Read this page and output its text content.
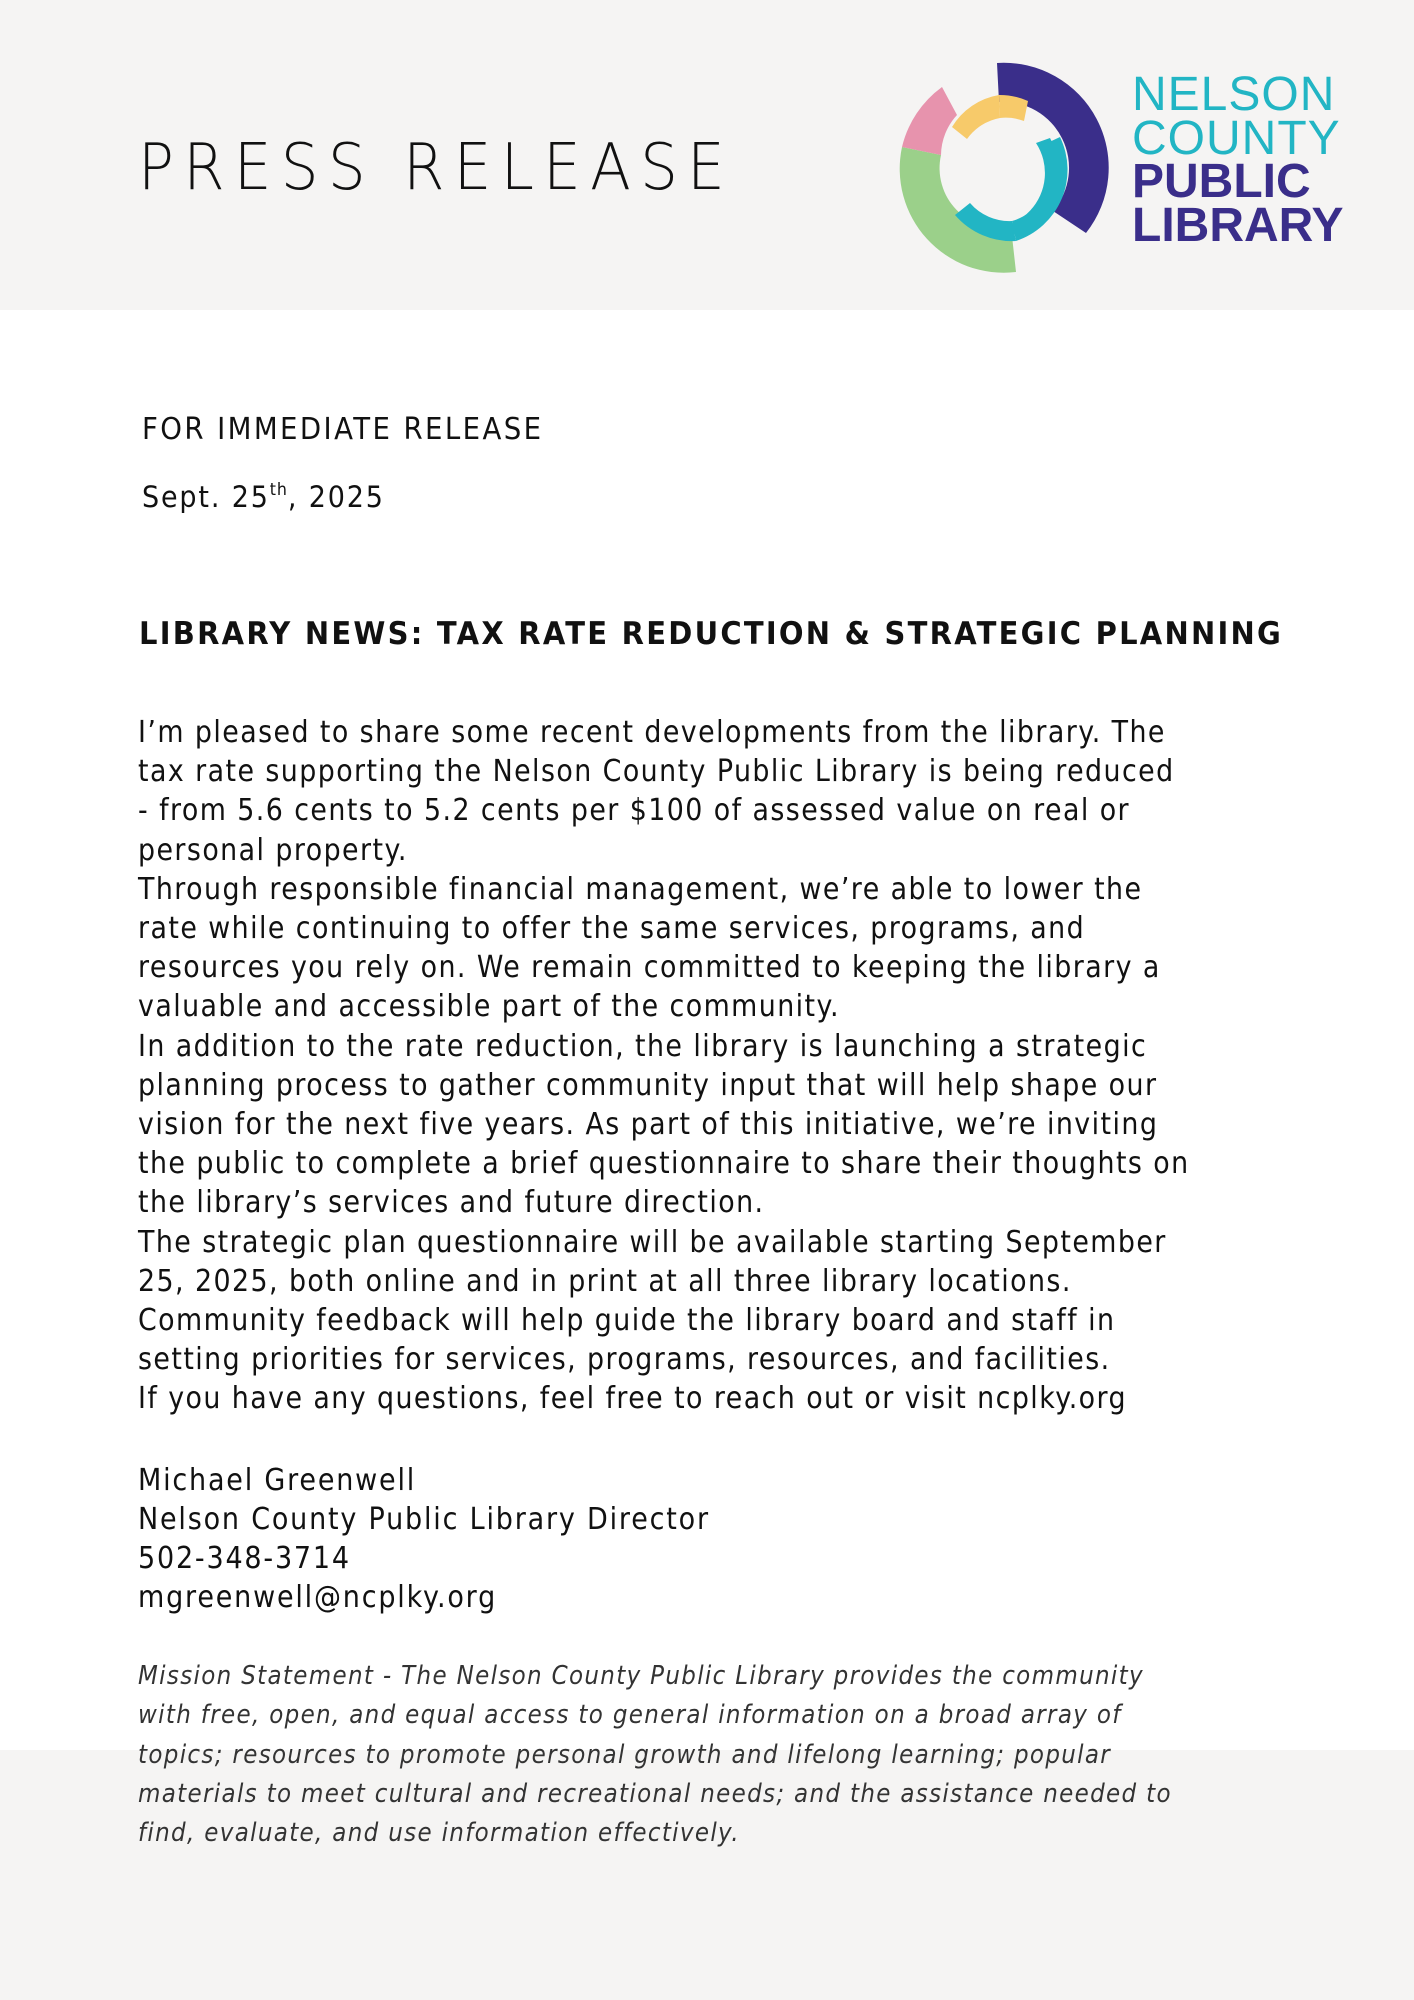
PRESS RELEASE
NELSON
COUNTY
PUBLIC
LIBRARY
FOR IMMEDIATE RELEASE
Sept. 25th, 2025
LIBRARY NEWS: TAX RATE REDUCTION & STRATEGIC PLANNING
I’m pleased to share some recent developments from the library. The
tax rate supporting the Nelson County Public Library is being reduced
- from 5.6 cents to 5.2 cents per $100 of assessed value on real or
personal property.
Through responsible financial management, we’re able to lower the
rate while continuing to offer the same services, programs, and
resources you rely on. We remain committed to keeping the library a
valuable and accessible part of the community.
In addition to the rate reduction, the library is launching a strategic
planning process to gather community input that will help shape our
vision for the next five years. As part of this initiative, we’re inviting
the public to complete a brief questionnaire to share their thoughts on
the library’s services and future direction.
The strategic plan questionnaire will be available starting September
25, 2025, both online and in print at all three library locations.
Community feedback will help guide the library board and staff in
setting priorities for services, programs, resources, and facilities.
If you have any questions, feel free to reach out or visit ncplky.org
Michael Greenwell
Nelson County Public Library Director
502-348-3714
mgreenwell@ncplky.org
Mission Statement - The Nelson County Public Library provides the community
with free, open, and equal access to general information on a broad array of
topics; resources to promote personal growth and lifelong learning; popular
materials to meet cultural and recreational needs; and the assistance needed to
find, evaluate, and use information effectively.
